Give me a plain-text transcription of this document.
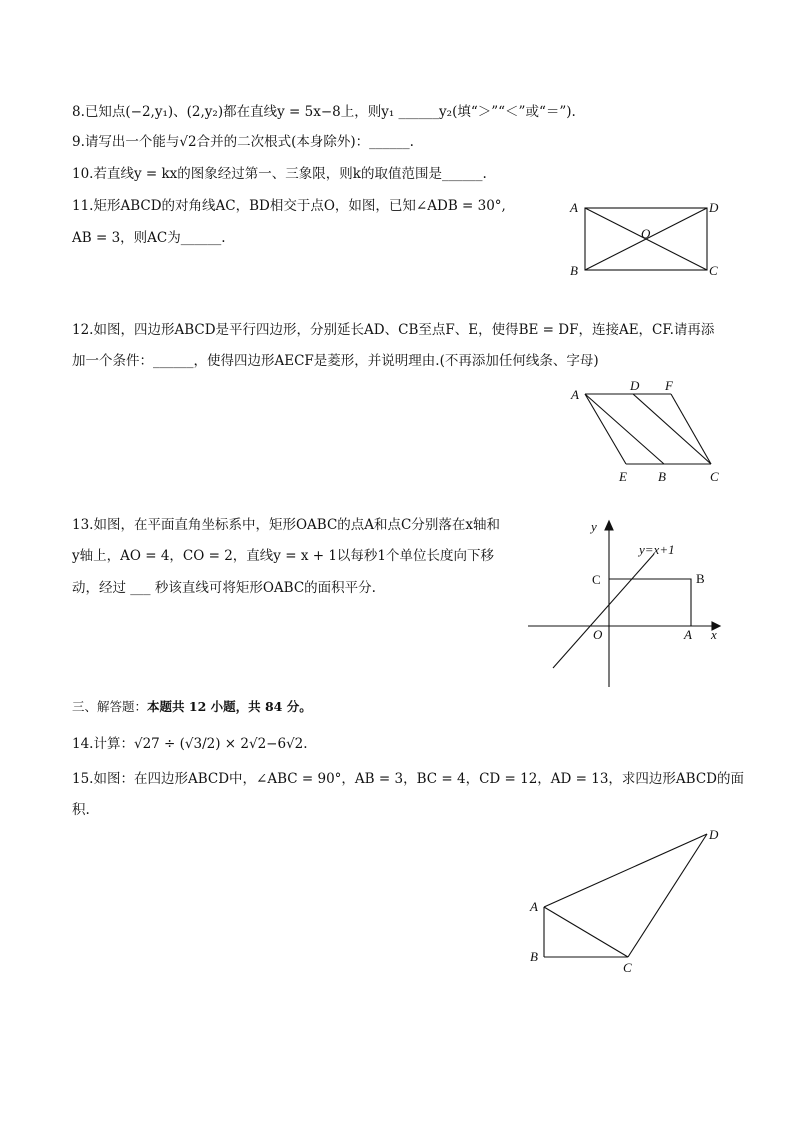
8.已知点(−2,y₁)、(2,y₂)都在直线y = 5x−8上，则y₁ ______y₂(填“＞”“＜”或“＝”).
9.请写出一个能与√2合并的二次根式(本身除外)：______.
10.若直线y = kx的图象经过第一、三象限，则k的取值范围是______.
11.矩形ABCD的对角线AC，BD相交于点O，如图，已知∠ADB = 30°,
AB = 3，则AC为______.
A	D
O
B	C
12.如图，四边形ABCD是平行四边形，分别延长AD、CB至点F、E，使得BE = DF，连接AE，CF.请再添
加一个条件：______，使得四边形AECF是菱形，并说明理由.(不再添加任何线条、字母)
A
D F
E B	C
13.如图，在平面直角坐标系中，矩形OABC的点A和点C分别落在x轴和
y轴上，AO = 4，CO = 2，直线y = x + 1以每秒1个单位长度向下移
动，经过 ___ 秒该直线可将矩形OABC的面积平分.
y
y=x+1
C	B
O	A x
三、解答题：本题共 12 小题，共 84 分。
14.计算：√27 ÷ (√3/2) × 2√2−6√2.
15.如图：在四边形ABCD中，∠ABC = 90°，AB = 3，BC = 4，CD = 12，AD = 13，求四边形ABCD的面
积.
A
B
C
D
